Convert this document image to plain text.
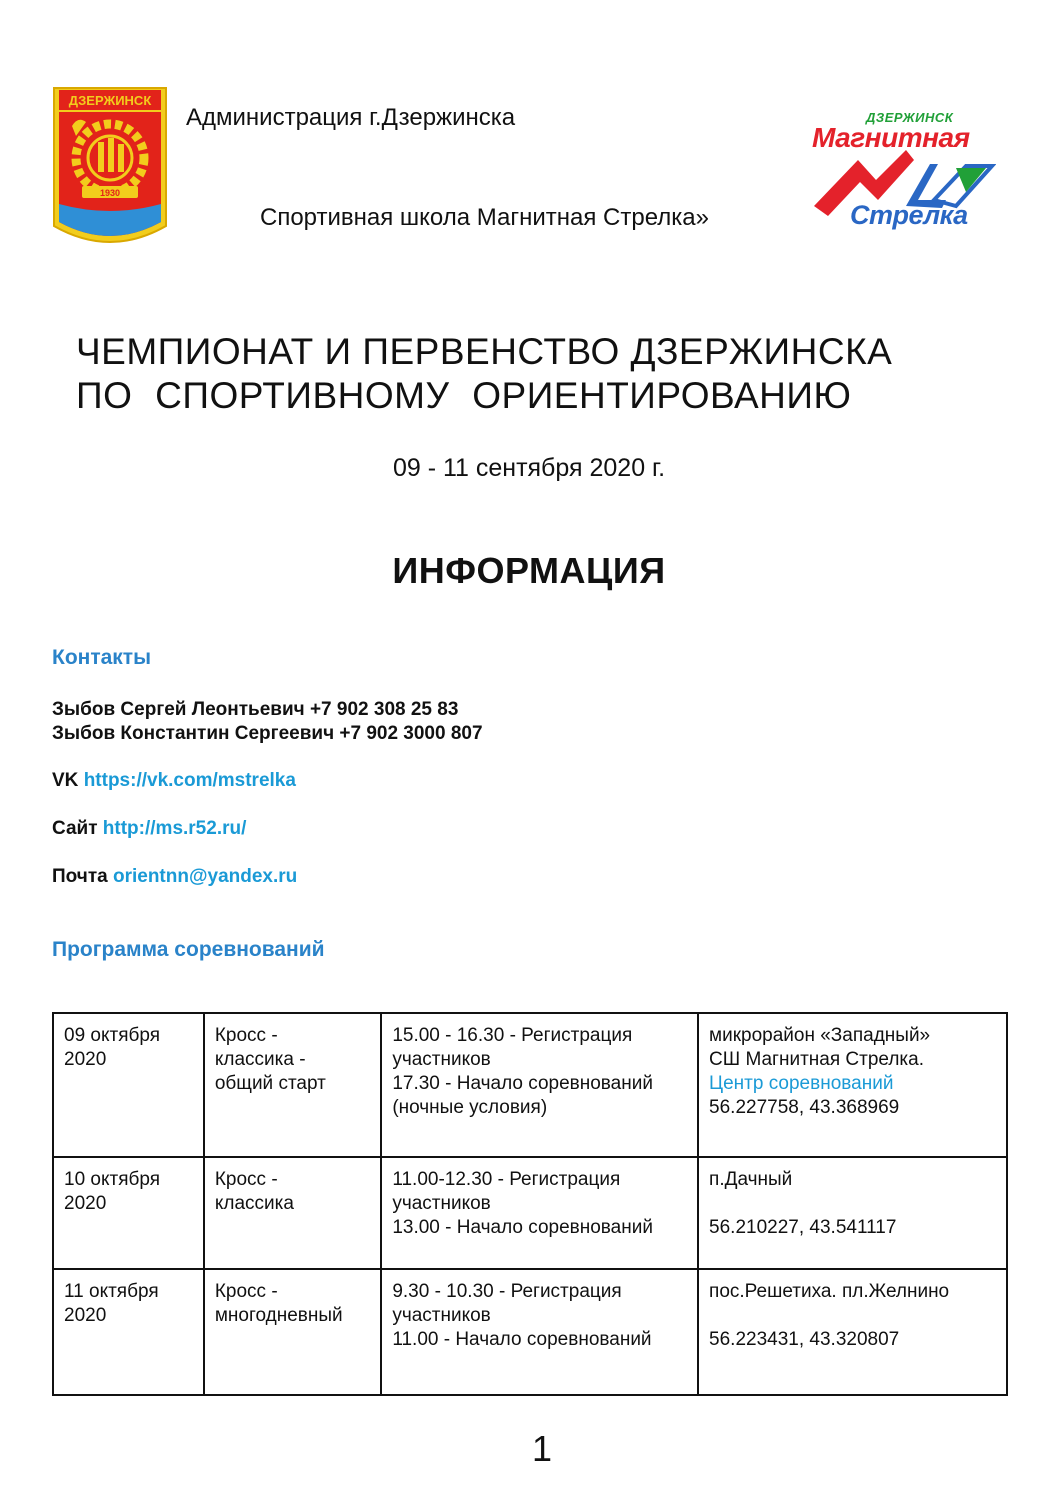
1930
ДЗЕРЖИНСК
Администрация г.Дзержинска
Спортивная школа Магнитная Стрелка»
ДЗЕРЖИНСК
Магнитная
Стрелка
ЧЕМПИОНАТ И ПЕРВЕНСТВО ДЗЕРЖИНСКА
ПО СПОРТИВНОМУ ОРИЕНТИРОВАНИЮ
09 - 11 сентября 2020 г.
ИНФОРМАЦИЯ
Контакты
Зыбов Сергей Леонтьевич +7 902 308 25 83
Зыбов Константин Сергеевич +7 902 3000 807
VK https://vk.com/mstrelka
Сайт http://ms.r52.ru/
Почта orientnn@yandex.ru
Программа соревнований
09 октября
2020	Кросс -
классика -
общий старт	15.00 - 16.30 - Регистрация
участников
17.30 - Начало соревнований
(ночные условия)	микрорайон «Западный»
СШ Магнитная Стрелка.
Центр соревнований
56.227758, 43.368969

10 октября
2020	Кросс -
классика	11.00-12.30 - Регистрация
участников
13.00 - Начало соревнований	п.Дачный
56.210227, 43.541117

11 октября
2020	Кросс -
многодневный	9.30 - 10.30 - Регистрация
участников
11.00 - Начало соревнований	пос.Решетиха. пл.Желнино
56.223431, 43.320807
1
